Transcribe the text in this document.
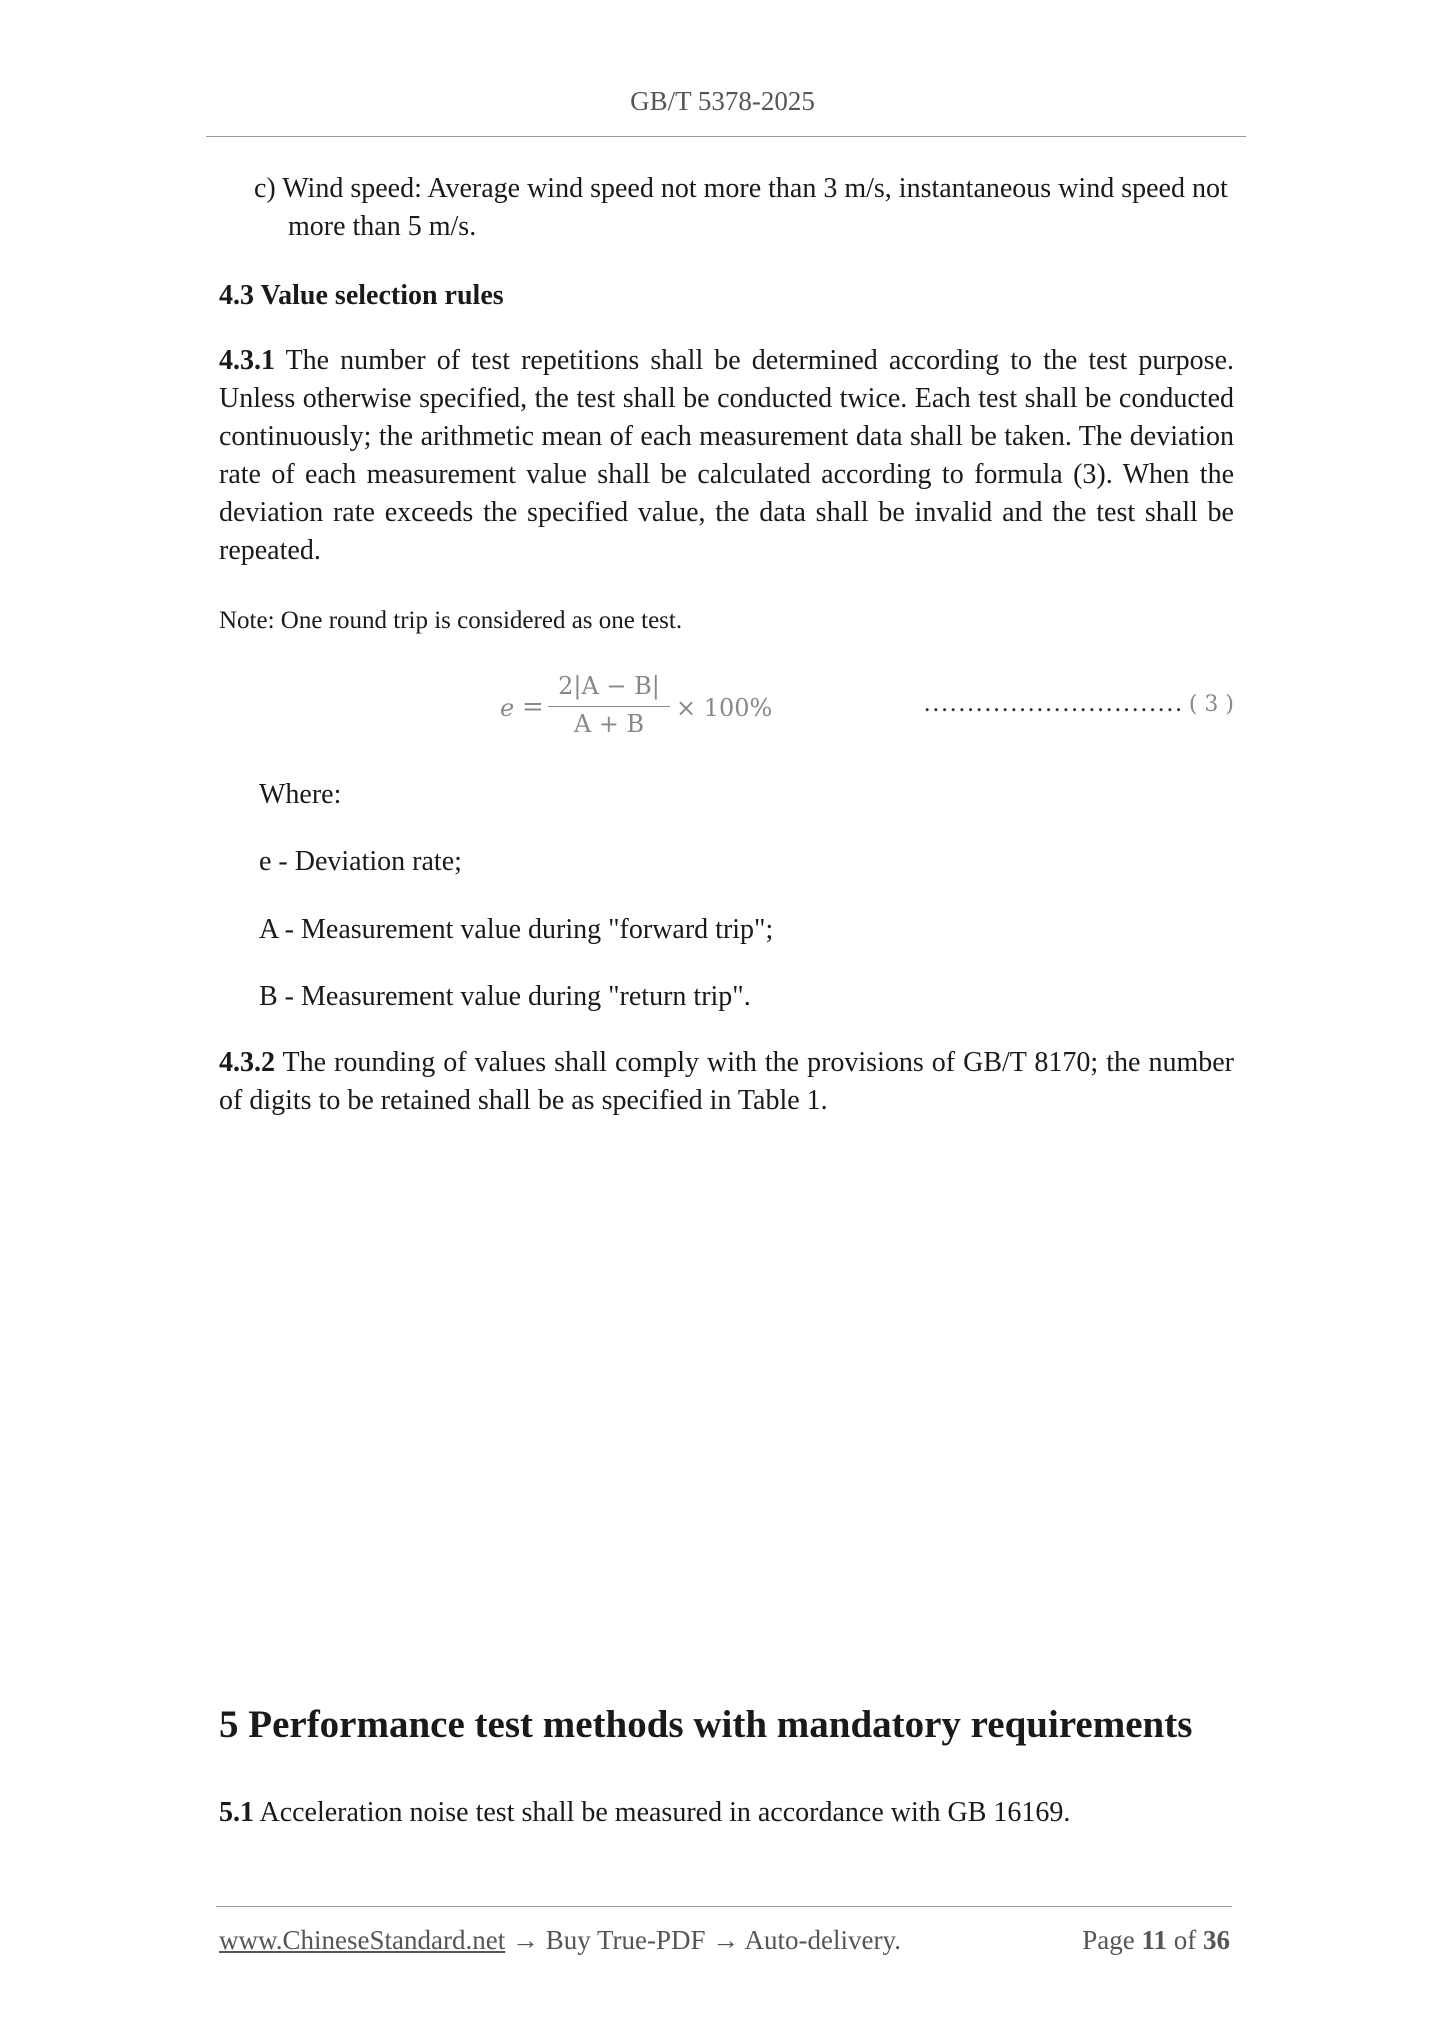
GB/T 5378-2025
c) Wind speed: Average wind speed not more than 3 m/s, instantaneous wind speed not more than 5 m/s.
4.3 Value selection rules
4.3.1 The number of test repetitions shall be determined according to the test purpose. Unless otherwise specified, the test shall be conducted twice. Each test shall be conducted continuously; the arithmetic mean of each measurement data shall be taken. The deviation rate of each measurement value shall be calculated according to formula (3). When the deviation rate exceeds the specified value, the data shall be invalid and the test shall be repeated.
Note: One round trip is considered as one test.
e =
2|A − B|
A + B
× 100%	………………………… ( 3 )
Where:
e - Deviation rate;
A - Measurement value during "forward trip";
B - Measurement value during "return trip".
4.3.2 The rounding of values shall comply with the provisions of GB/T 8170; the number of digits to be retained shall be as specified in Table 1.
5 Performance test methods with mandatory requirements
5.1 Acceleration noise test shall be measured in accordance with GB 16169.
www.ChineseStandard.net → Buy True-PDF → Auto-delivery.	Page 11 of 36
